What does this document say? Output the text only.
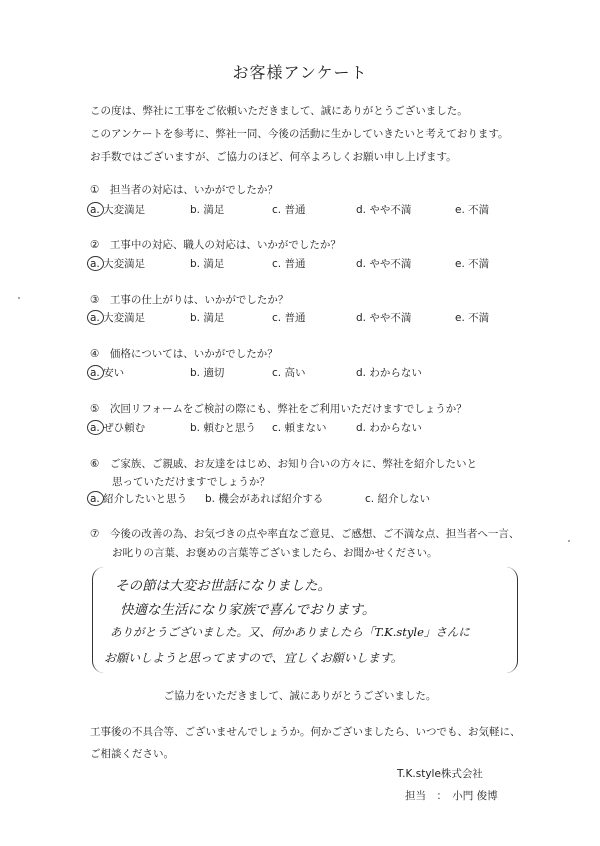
お客様アンケート
この度は、弊社に工事をご依頼いただきまして、誠にありがとうございました。
このアンケートを参考に、弊社一同、今後の活動に生かしていきたいと考えております。
お手数ではございますが、ご協力のほど、何卒よろしくお願い申し上げます。
①　 担当者の対応は、いかがでしたか？
a. 大変満足	b. 満足	c. 普通	d. やや不満	e. 不満
②　 工事中の対応、職人の対応は、いかがでしたか？
a. 大変満足	b. 満足	c. 普通	d. やや不満	e. 不満
③　 工事の仕上がりは、いかがでしたか？
a. 大変満足	b. 満足	c. 普通	d. やや不満	e. 不満
④　 価格については、いかがでしたか？
a. 安い	b. 適切	c. 高い	d. わからない
⑤　 次回リフォームをご検討の際にも、弊社をご利用いただけますでしょうか？
a. ぜひ頼む	b. 頼むと思う c. 頼まない	d. わからない
⑥　 ご家族、ご親戚、お友達をはじめ、お知り合いの方々に、弊社を紹介したいと
思っていただけますでしょうか？
a. 紹介したいと思う b. 機会があれば紹介する	c. 紹介しない
⑦　 今後の改善の為、お気づきの点や率直なご意見、ご感想、ご不満な点、担当者へ一言、
お叱りの言葉、お褒めの言葉等ございましたら、お聞かせください。
その節は大変お世話になりました。
快適な生活になり家族で喜んでおります。
ありがとうございました。又、何かありましたら「T.K.style」さんに
お願いしようと思ってますので、宜しくお願いします。
ご協力をいただきまして、誠にありがとうございました。
工事後の不具合等、ございませんでしょうか。何かございましたら、いつでも、お気軽に、
ご相談ください。
T.K.style株式会社
担当　 ：　 小門 俊博
